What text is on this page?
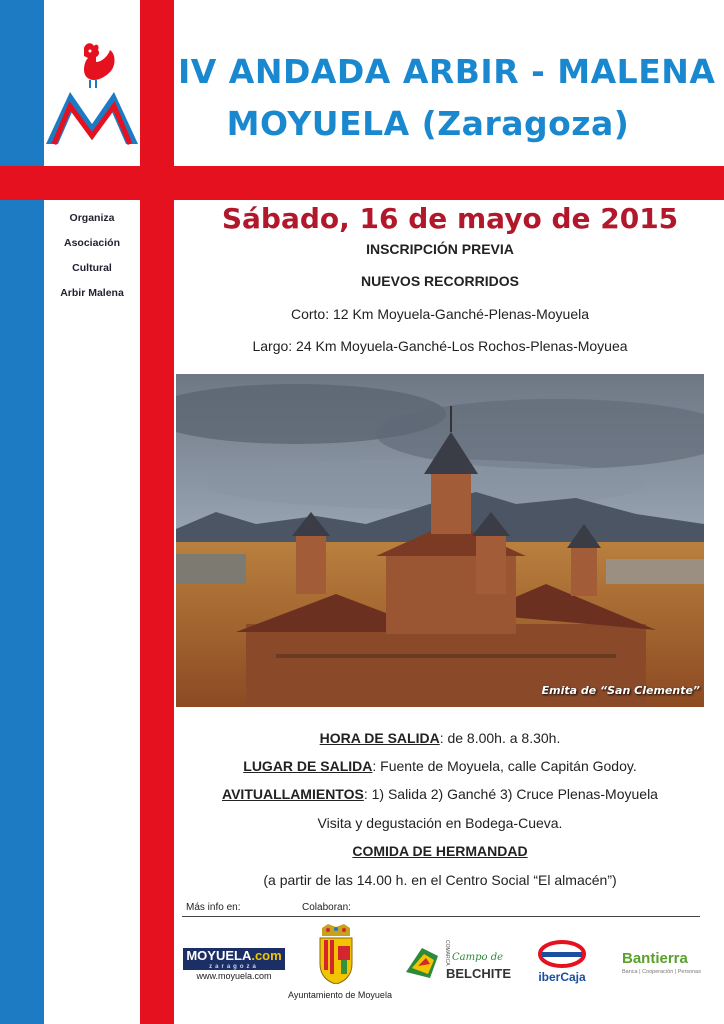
IV ANDADA ARBIR - MALENA
MOYUELA (Zaragoza)
Organiza
Asociación
Cultural
Arbir Malena
Sábado, 16 de mayo de 2015
INSCRIPCIÓN PREVIA
NUEVOS RECORRIDOS
Corto: 12 Km Moyuela-Ganché-Plenas-Moyuela
Largo: 24 Km Moyuela-Ganché-Los Rochos-Plenas-Moyuea
Emita de “San Clemente”
HORA DE SALIDA: de 8.00h. a 8.30h.
LUGAR DE SALIDA: Fuente de Moyuela, calle Capitán Godoy.
AVITUALLAMIENTOS: 1) Salida 2) Ganché 3) Cruce Plenas-Moyuela
Visita y degustación en Bodega-Cueva.
COMIDA DE HERMANDAD
(a partir de las 14.00 h. en el Centro Social “El almacén”)
Más info en:	Colaboran:
MOYUELA.com
zaragoza
www.moyuela.com
Ayuntamiento de Moyuela
COMARCA Campo de
BELCHITE	iberCaja
Bantierra
Banca | Cooperación | Personas
